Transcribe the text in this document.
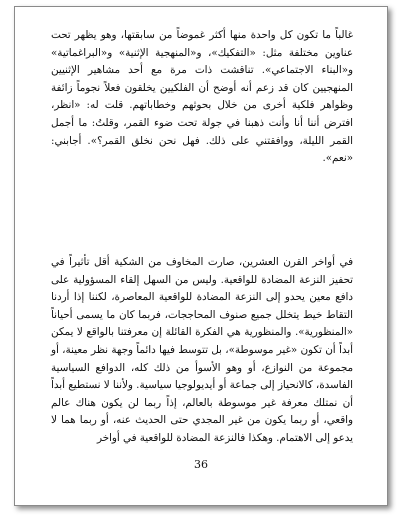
غالباً ما تكون كل واحدة منها أكثر غموضاً من سابقتها، وهو يظهر تحت عناوين مختلفة مثل: «التفكيك»، و«المنهجية الإثنية» و«البراغماتية» و«البناء الاجتماعي». تناقشت ذات مرة مع أحد مشاهير الإثنيين المنهجيين كان قد زعم أنه أوضح أن الفلكيين يخلقون فعلاً نجوماً زائفة وظواهر فلكية أخرى من خلال بحوثهم وخطاباتهم. قلت له: «انظر، افترض أننا أنا وأنت ذهبنا في جولة تحت ضوء القمر، وقلتُ: ما أجمل القمر الليلة، ووافقتني على ذلك. فهل نحن نخلق القمر؟». أجابني: «نعم».

في أواخر القرن العشرين، صارت المخاوف من الشكية أقل تأثيراً في تحفيز النزعة المضادة للواقعية. وليس من السهل إلقاء المسؤولية على دافع معين يحدو إلى النزعة المضادة للواقعية المعاصرة، لكننا إذا أردنا التقاط خيط يتخلل جميع صنوف المحاججات، فربما كان ما يسمى أحياناً «المنظورية». والمنظورية هي الفكرة القائلة إن معرفتنا بالواقع لا يمكن أبداً أن تكون «غير موسوطة»، بل تتوسط فيها دائماً وجهة نظر معينة، أو مجموعة من النوازع، أو وهو الأسوأ من ذلك كله، الدوافع السياسية الفاسدة، كالانحياز إلى جماعة أو أيديولوجيا سياسية. ولأننا لا نستطيع أبداً أن نمتلك معرفة غير موسوطة بالعالم، إذاً ربما لن يكون هناك عالم واقعي، أو ربما يكون من غير المجدي حتى الحديث عنه، أو ربما هما لا يدعو إلى الاهتمام. وهكذا فالنزعة المضادة للواقعية في أواخر

36
